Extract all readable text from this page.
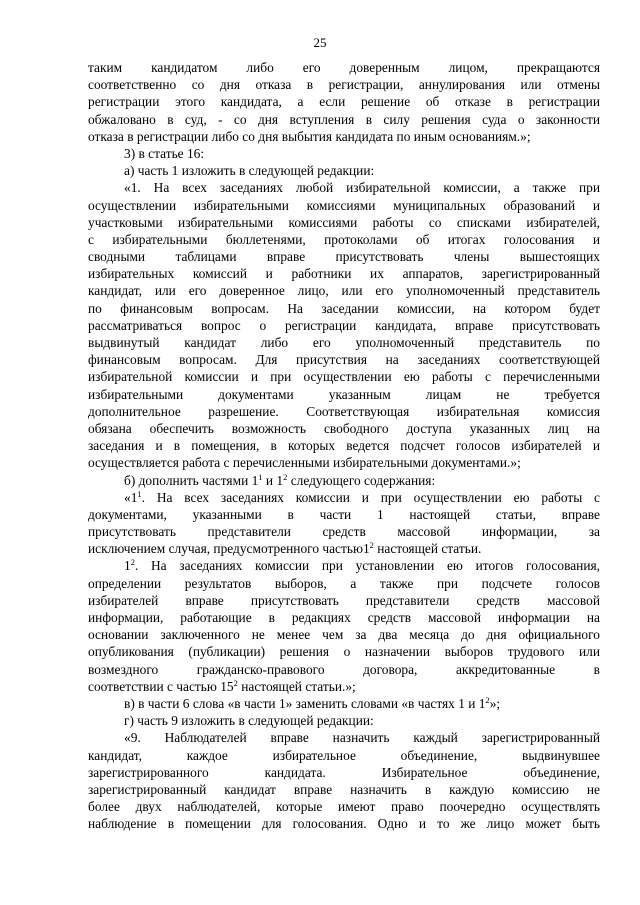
25
таким кандидатом либо его доверенным лицом, прекращаются
соответственно со дня отказа в регистрации, аннулирования или отмены
регистрации этого кандидата, а если решение об отказе в регистрации
обжаловано в суд, - со дня вступления в силу решения суда о законности
отказа в регистрации либо со дня выбытия кандидата по иным основаниям.»;
3) в статье 16:
а) часть 1 изложить в следующей редакции:
«1. На всех заседаниях любой избирательной комиссии, а также при
осуществлении избирательными комиссиями муниципальных образований и
участковыми избирательными комиссиями работы со списками избирателей,
с избирательными бюллетенями, протоколами об итогах голосования и
сводными таблицами вправе присутствовать члены вышестоящих
избирательных комиссий и работники их аппаратов, зарегистрированный
кандидат, или его доверенное лицо, или его уполномоченный представитель
по финансовым вопросам. На заседании комиссии, на котором будет
рассматриваться вопрос о регистрации кандидата, вправе присутствовать
выдвинутый кандидат либо его уполномоченный представитель по
финансовым вопросам. Для присутствия на заседаниях соответствующей
избирательной комиссии и при осуществлении ею работы с перечисленными
избирательными документами указанным лицам не требуется
дополнительное разрешение. Соответствующая избирательная комиссия
обязана обеспечить возможность свободного доступа указанных лиц на
заседания и в помещения, в которых ведется подсчет голосов избирателей и
осуществляется работа с перечисленными избирательными документами.»;
б) дополнить частями $1^1$ и $1^2$ следующего содержания:
«$1^1$. На всех заседаниях комиссии и при осуществлении ею работы с
документами, указанными в части 1 настоящей статьи, вправе
присутствовать представители средств массовой информации, за
исключением случая, предусмотренного $частью1^2$ настоящей статьи.
$1^2$. На заседаниях комиссии при установлении ею итогов голосования,
определении результатов выборов, а также при подсчете голосов
избирателей вправе присутствовать представители средств массовой
информации, работающие в редакциях средств массовой информации на
основании заключенного не менее чем за два месяца до дня официального
опубликования (публикации) решения о назначении выборов трудового или
возмездного гражданско-правового договора, аккредитованные в
соответствии с частью $15^2$ настоящей статьи.»;
в) в части 6 слова «в части 1» заменить словами «в частях 1 и $1^2$»;
г) часть 9 изложить в следующей редакции:
«9. Наблюдателей вправе назначить каждый зарегистрированный
кандидат, каждое избирательное объединение, выдвинувшее
зарегистрированного кандидата. Избирательное объединение,
зарегистрированный кандидат вправе назначить в каждую комиссию не
более двух наблюдателей, которые имеют право поочередно осуществлять
наблюдение в помещении для голосования. Одно и то же лицо может быть
